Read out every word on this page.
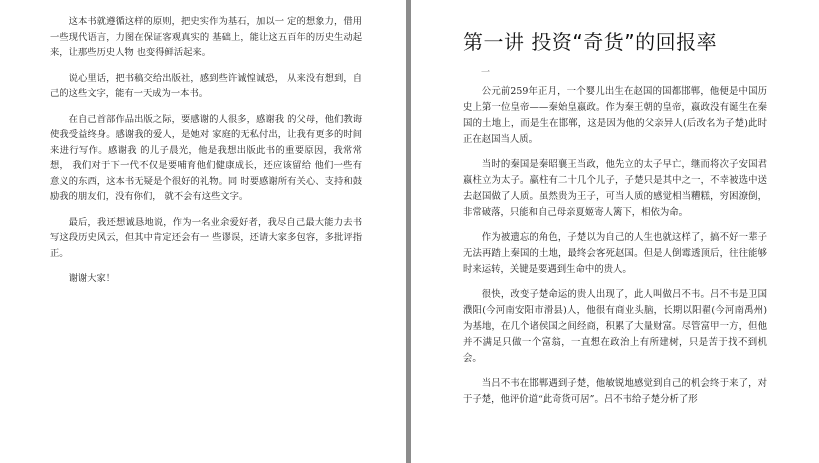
这本书就遵循这样的原则，把史实作为基石，加以一 定的想象力，借用一些现代语言，力图在保证客观真实的 基础上，能让这五百年的历史生动起来，让那些历史人物 也变得鲜活起来。

说心里话，把书稿交给出版社，感到些许诚惶诚恐， 从来没有想到，自己的这些文字，能有一天成为一本书。

在自己首部作品出版之际，要感谢的人很多，感谢我 的父母，他们教诲使我受益终身。感谢我的爱人，是她对 家庭的无私付出，让我有更多的时间来进行写作。感谢我 的儿子晨光，他是我想出版此书的重要原因，我常常想， 我们对于下一代不仅是要哺育他们健康成长，还应该留给 他们一些有意义的东西，这本书无疑是个很好的礼物。同 时要感谢所有关心、支持和鼓励我的朋友们，没有你们， 就不会有这些文字。

最后，我还想诚恳地说，作为一名业余爱好者，我尽自己最大能力去书写这段历史风云，但其中肯定还会有一 些谬误，还请大家多包容，多批评指正。

谢谢大家！

第一讲 投资“奇货”的回报率

一

公元前259年正月，一个婴儿出生在赵国的国都邯郸，他便是中国历史上第一位皇帝——秦始皇嬴政。作为秦王朝的皇帝，嬴政没有诞生在秦国的土地上，而是生在邯郸，这是因为他的父亲异人(后改名为子楚)此时正在赵国当人质。

当时的秦国是秦昭襄王当政，他先立的太子早亡，继而将次子安国君嬴柱立为太子。嬴柱有二十几个儿子，子楚只是其中之一，不幸被选中送去赵国做了人质。虽然贵为王子，可当人质的感觉相当糟糕，穷困潦倒，非常破落，只能和自己母亲夏姬寄人篱下，相依为命。

作为被遗忘的角色，子楚以为自己的人生也就这样了，搞不好一辈子无法再踏上秦国的土地，最终会客死赵国。但是人倒霉透顶后，往往能够时来运转，关键是要遇到生命中的贵人。

很快，改变子楚命运的贵人出现了，此人叫做吕不韦。吕不韦是卫国濮阳(今河南安阳市滑县)人，他很有商业头脑，长期以阳翟(今河南禹州)为基地，在几个诸侯国之间经商，积累了大量财富。尽管富甲一方，但他并不满足只做一个富翁，一直想在政治上有所建树，只是苦于找不到机会。

当吕不韦在邯郸遇到子楚，他敏锐地感觉到自己的机会终于来了，对于子楚，他评价道“此奇货可居”。吕不韦给子楚分析了形
